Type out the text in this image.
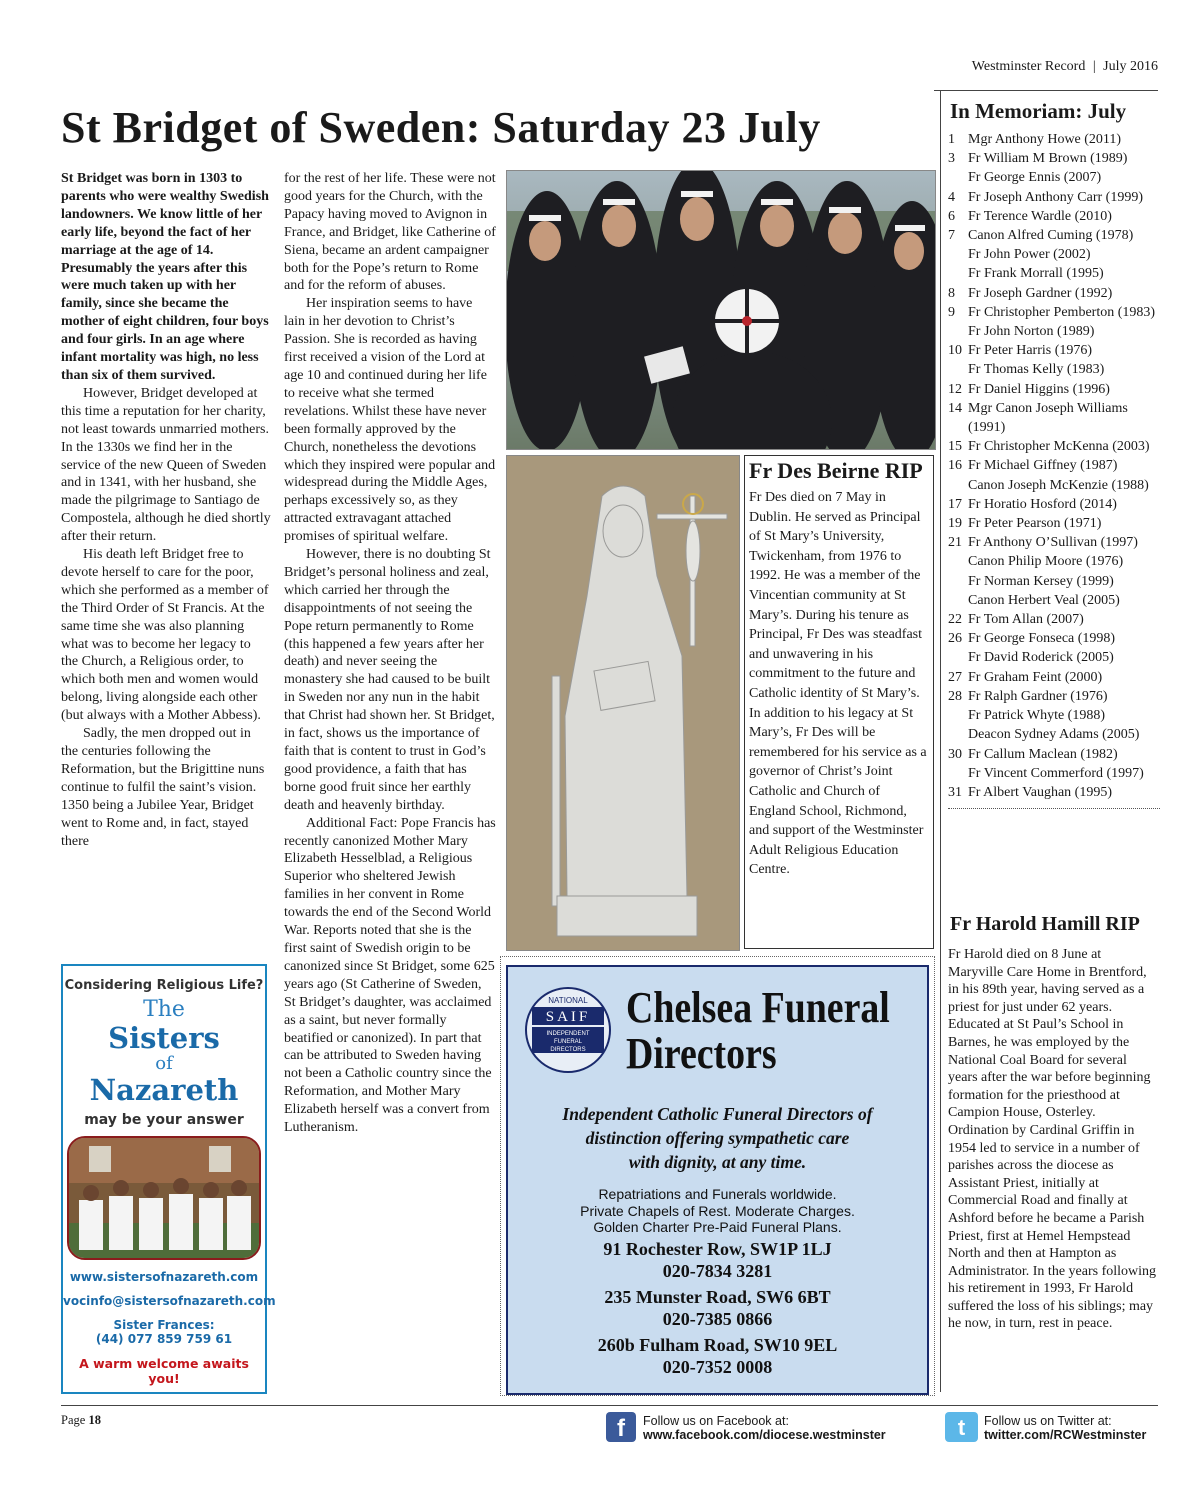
Westminster Record | July 2016
St Bridget of Sweden: Saturday 23 July

St Bridget was born in 1303 to parents who were wealthy Swedish landowners. We know little of her early life, beyond the fact of her marriage at the age of 14. Presumably the years after this were much taken up with her family, since she became the mother of eight children, four boys and four girls. In an age where infant mortality was high, no less than six of them survived.

However, Bridget developed at this time a reputation for her charity, not least towards unmarried mothers. In the 1330s we find her in the service of the new Queen of Sweden and in 1341, with her husband, she made the pilgrimage to Santiago de Compostela, although he died shortly after their return.

His death left Bridget free to devote herself to care for the poor, which she performed as a member of the Third Order of St Francis. At the same time she was also planning what was to become her legacy to the Church, a Religious order, to which both men and women would belong, living alongside each other (but always with a Mother Abbess).

Sadly, the men dropped out in the centuries following the Reformation, but the Brigittine nuns continue to fulfil the saint’s vision. 1350 being a Jubilee Year, Bridget went to Rome and, in fact, stayed there

for the rest of her life. These were not good years for the Church, with the Papacy having moved to Avignon in France, and Bridget, like Catherine of Siena, became an ardent campaigner both for the Pope’s return to Rome and for the reform of abuses.

Her inspiration seems to have lain in her devotion to Christ’s Passion. She is recorded as having first received a vision of the Lord at age 10 and continued during her life to receive what she termed revelations. Whilst these have never been formally approved by the Church, nonetheless the devotions which they inspired were popular and widespread during the Middle Ages, perhaps excessively so, as they attracted extravagant attached promises of spiritual welfare.

However, there is no doubting St Bridget’s personal holiness and zeal, which carried her through the disappointments of not seeing the Pope return permanently to Rome (this happened a few years after her death) and never seeing the monastery she had caused to be built in Sweden nor any nun in the habit that Christ had shown her. St Bridget, in fact, shows us the importance of faith that is content to trust in God’s good providence, a faith that has borne good fruit since her earthly death and heavenly birthday.

Additional Fact: Pope Francis has recently canonized Mother Mary Elizabeth Hesselblad, a Religious Superior who sheltered Jewish families in her convent in Rome towards the end of the Second World War. Reports noted that she is the first saint of Swedish origin to be canonized since St Bridget, some 625 years ago (St Catherine of Sweden, St Bridget’s daughter, was acclaimed as a saint, but never formally beatified or canonized). In part that can be attributed to Sweden having not been a Catholic country since the Reformation, and Mother Mary Elizabeth herself was a convert from Lutheranism.

Fr Des Beirne RIP

Fr Des died on 7 May in Dublin. He served as Principal of St Mary’s University, Twickenham, from 1976 to 1992. He was a member of the Vincentian community at St Mary’s. During his tenure as Principal, Fr Des was steadfast and unwavering in his commitment to the future and Catholic identity of St Mary’s. In addition to his legacy at St Mary’s, Fr Des will be remembered for his service as a governor of Christ’s Joint Catholic and Church of England School, Richmond, and support of the Westminster Adult Religious Education Centre.

In Memoriam: July
1	Mgr Anthony Howe (2011)
3	Fr William M Brown (1989)
	Fr George Ennis (2007)
4	Fr Joseph Anthony Carr (1999)
6	Fr Terence Wardle (2010)
7	Canon Alfred Cuming (1978)
	Fr John Power (2002)
	Fr Frank Morrall (1995)
8	Fr Joseph Gardner (1992)
9	Fr Christopher Pemberton (1983)
	Fr John Norton (1989)
10	Fr Peter Harris (1976)
	Fr Thomas Kelly (1983)
12	Fr Daniel Higgins (1996)
14	Mgr Canon Joseph Williams (1991)
15	Fr Christopher McKenna (2003)
16	Fr Michael Giffney (1987)
	Canon Joseph McKenzie (1988)
17	Fr Horatio Hosford (2014)
19	Fr Peter Pearson (1971)
21	Fr Anthony O’Sullivan (1997)
	Canon Philip Moore (1976)
	Fr Norman Kersey (1999)
	Canon Herbert Veal (2005)
22	Fr Tom Allan (2007)
26	Fr George Fonseca (1998)
	Fr David Roderick (2005)
27	Fr Graham Feint (2000)
28	Fr Ralph Gardner (1976)
	Fr Patrick Whyte (1988)
	Deacon Sydney Adams (2005)
30	Fr Callum Maclean (1982)
	Fr Vincent Commerford (1997)
31	Fr Albert Vaughan (1995)
Fr Harold Hamill RIP

Fr Harold died on 8 June at Maryville Care Home in Brentford, in his 89th year, having served as a priest for just under 62 years. Educated at St Paul’s School in Barnes, he was employed by the National Coal Board for several years after the war before beginning formation for the priesthood at Campion House, Osterley. Ordination by Cardinal Griffin in 1954 led to service in a number of parishes across the diocese as Assistant Priest, initially at Commercial Road and finally at Ashford before he became a Parish Priest, first at Hemel Hempstead North and then at Hampton as Administrator. In the years following his retirement in 1993, Fr Harold suffered the loss of his siblings; may he now, in turn, rest in peace.

Considering Religious Life?
The
Sisters
of
Nazareth
may be your answer
www.sistersofnazareth.com
vocinfo@sistersofnazareth.com
Sister Frances:
(44) 077 859 759 61
A warm welcome awaits you!
NATIONAL
SAIF
INDEPENDENT
FUNERAL
DIRECTORS
Chelsea Funeral
Directors
Independent Catholic Funeral Directors of
distinction offering sympathetic care
with dignity, at any time.
Repatriations and Funerals worldwide.
Private Chapels of Rest. Moderate Charges.
Golden Charter Pre-Paid Funeral Plans.
91 Rochester Row, SW1P 1LJ
020-7834 3281
235 Munster Road, SW6 6BT
020-7385 0866
260b Fulham Road, SW10 9EL
020-7352 0008
Page 18	f	Follow us on Facebook at:
www.facebook.com/diocese.westminster	t	Follow us on Twitter at:
twitter.com/RCWestminster
